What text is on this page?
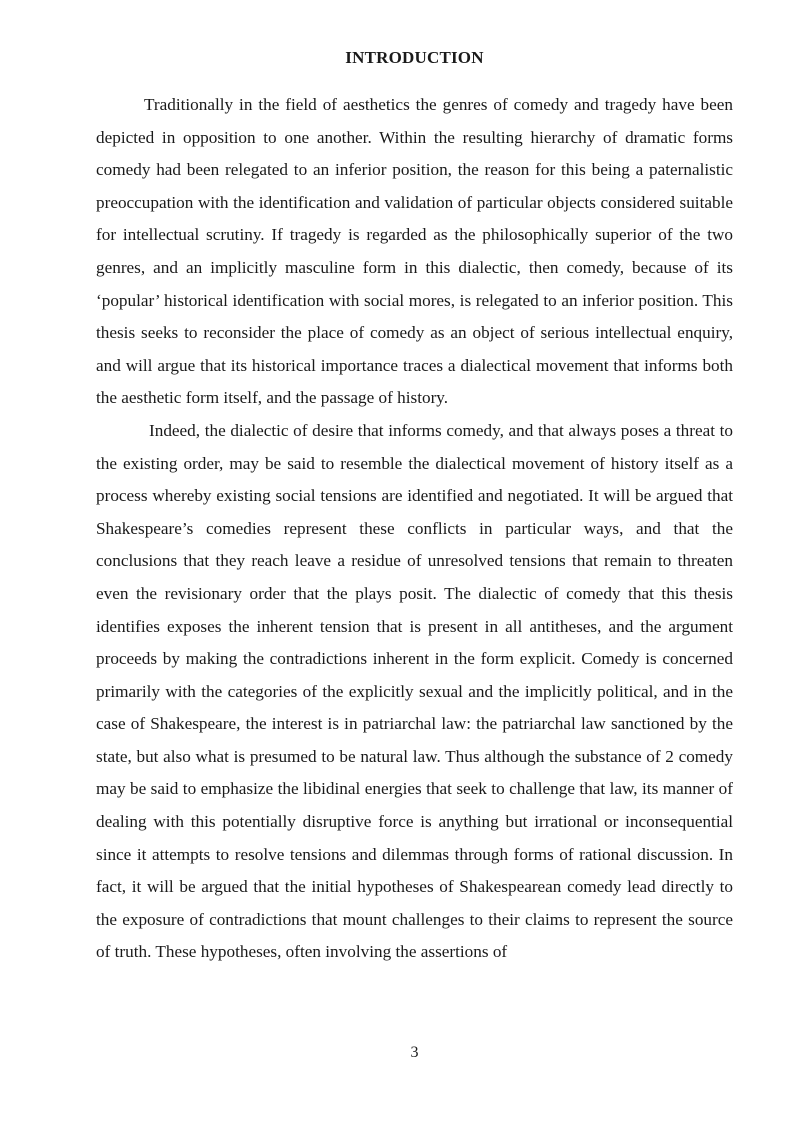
INTRODUCTION

Traditionally in the field of aesthetics the genres of comedy and tragedy have been depicted in opposition to one another. Within the resulting hierarchy of dramatic forms comedy had been relegated to an inferior position, the reason for this being a paternalistic preoccupation with the identification and validation of particular objects considered suitable for intellectual scrutiny. If tragedy is regarded as the philosophically superior of the two genres, and an implicitly masculine form in this dialectic, then comedy, because of its ‘popular’ historical identification with social mores, is relegated to an inferior position. This thesis seeks to reconsider the place of comedy as an object of serious intellectual enquiry, and will argue that its historical importance traces a dialectical movement that informs both the aesthetic form itself, and the passage of history.

Indeed, the dialectic of desire that informs comedy, and that always poses a threat to the existing order, may be said to resemble the dialectical movement of history itself as a process whereby existing social tensions are identified and negotiated. It will be argued that Shakespeare’s comedies represent these conflicts in particular ways, and that the conclusions that they reach leave a residue of unresolved tensions that remain to threaten even the revisionary order that the plays posit. The dialectic of comedy that this thesis identifies exposes the inherent tension that is present in all antitheses, and the argument proceeds by making the contradictions inherent in the form explicit. Comedy is concerned primarily with the categories of the explicitly sexual and the implicitly political, and in the case of Shakespeare, the interest is in patriarchal law: the patriarchal law sanctioned by the state, but also what is presumed to be natural law. Thus although the substance of 2 comedy may be said to emphasize the libidinal energies that seek to challenge that law, its manner of dealing with this potentially disruptive force is anything but irrational or inconsequential since it attempts to resolve tensions and dilemmas through forms of rational discussion. In fact, it will be argued that the initial hypotheses of Shakespearean comedy lead directly to the exposure of contradictions that mount challenges to their claims to represent the source of truth. These hypotheses, often involving the assertions of

3
